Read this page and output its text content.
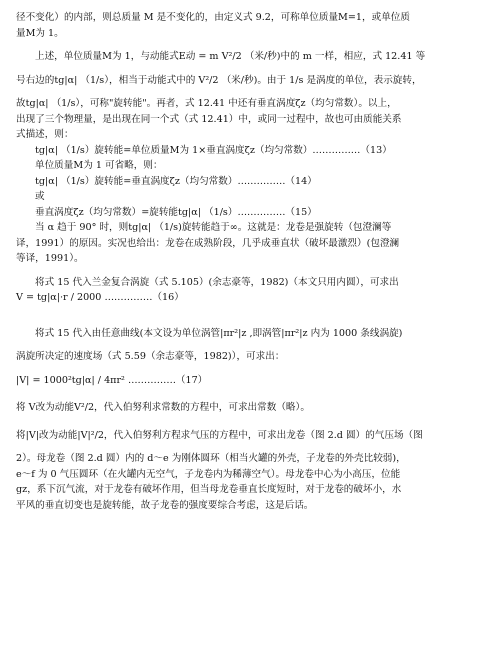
径不变化）的内部，则总质量 M 是不变化的，由定义式 9.2，可称单位质量M=1，或单位质

量M为 1。

上述，单位质量M为 1，与动能式E动 = m V²/2 （米/秒)中的 m 一样，相应，式 12.41 等

号右边的tg|α| （1/s），相当于动能式中的 V²/2 （米/秒)。由于 1/s 是涡度的单位，表示旋转，

故tg|α| （1/s），可称"旋转能"。再者，式 12.41 中还有垂直涡度ζz（均匀常数）。以上，

出现了三个物理量，是出现在同一个式（式 12.41）中，或同一过程中，故也可由质能关系

式描述，则：

tg|α| （1/s）旋转能=单位质量M为 1×垂直涡度ζz（均匀常数）……………（13）

单位质量M为 1 可省略，则：

tg|α| （1/s）旋转能=垂直涡度ζz（均匀常数）……………（14）

或

垂直涡度ζz（均匀常数）=旋转能tg|α| （1/s）……………（15）

当 α 趋于 90° 时，则tg|α| （1/s)旋转能趋于∞。这就是：龙卷是强旋转（包澄澜等

译，1991）的原因。实况也给出：龙卷在成熟阶段，几乎成垂直状（破坏最激烈）(包澄澜

等译，1991）。

将式 15 代入兰金复合涡旋（式 5.105）(余志豪等，1982)（本文只用内圆），可求出

V = tg|α|·r / 2000 ……………（16）

将式 15 代入由任意曲线(本文设为单位涡管|πr²|z ,即涡管|πr²|z 内为 1000 条线涡旋)

涡旋所决定的速度场（式 5.59（余志豪等，1982)），可求出：

|V| = 1000²tg|α| / 4πr² ……………（17）

将 V改为动能V²/2，代入伯努利求常数的方程中，可求出常数（略）。

将|V|改为动能|V|²/2，代入伯努利方程求气压的方程中，可求出龙卷（图 2.d 圆）的气压场（图

2）。母龙卷（图 2.d 圆）内的 d～e 为刚体圆环（相当火罐的外壳，子龙卷的外壳比较弱)，

e～f 为 0 气压圆环（在火罐内无空气，子龙卷内为稀薄空气）。母龙卷中心为小高压，位能

gz，系下沉气流，对于龙卷有破坏作用，但当母龙卷垂直长度短时，对于龙卷的破坏小，水

平风的垂直切变也是旋转能，故子龙卷的强度要综合考虑，这是后话。
